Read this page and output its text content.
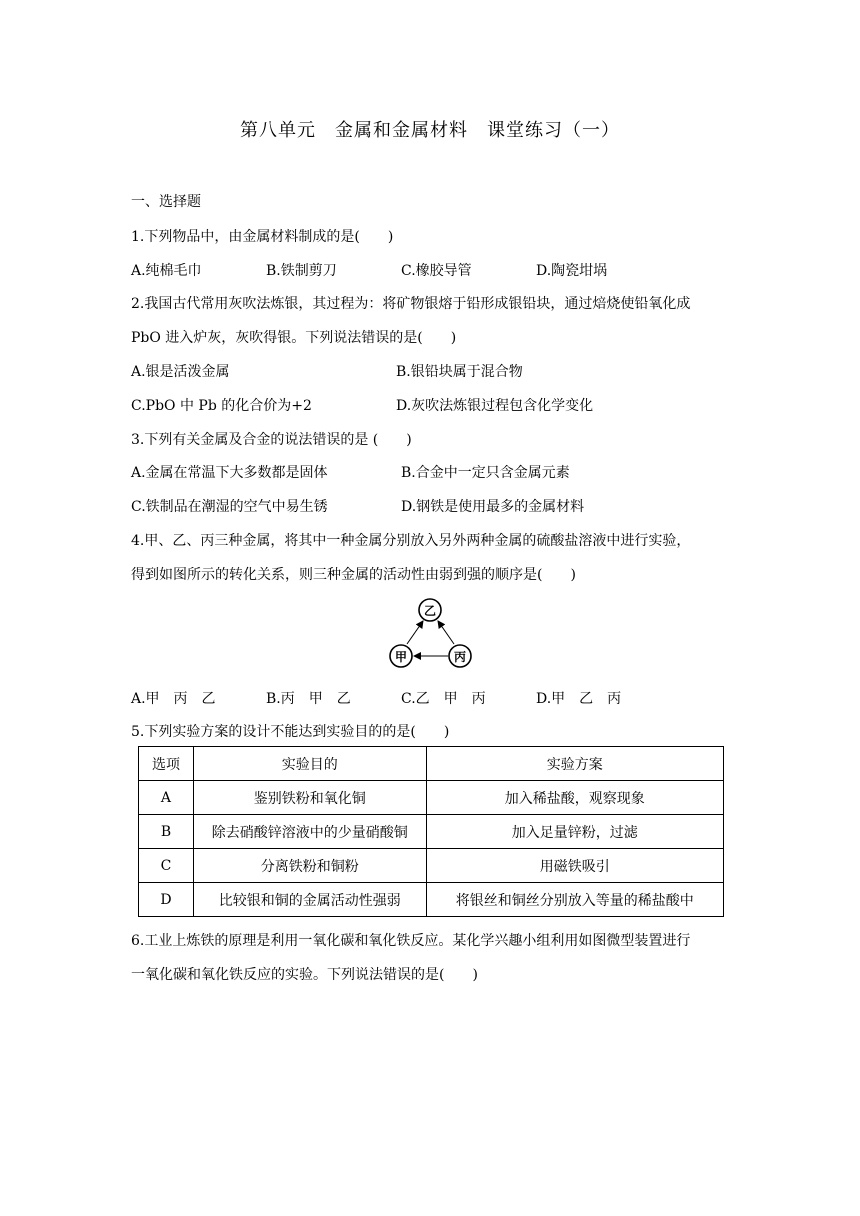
第八单元　金属和金属材料　课堂练习（一）
一、选择题
1.下列物品中，由金属材料制成的是(　　)
A.纯棉毛巾	B.铁制剪刀	C.橡胶导管	D.陶瓷坩埚
2.我国古代常用灰吹法炼银，其过程为：将矿物银熔于铅形成银铅块，通过焙烧使铅氧化成
PbO 进入炉灰，灰吹得银。下列说法错误的是(　　)
A.银是活泼金属	B.银铅块属于混合物
C.PbO 中 Pb 的化合价为+2	D.灰吹法炼银过程包含化学变化
3.下列有关金属及合金的说法错误的是 (　　)
A.金属在常温下大多数都是固体	B.合金中一定只含金属元素
C.铁制品在潮湿的空气中易生锈	D.钢铁是使用最多的金属材料
4.甲、乙、丙三种金属，将其中一种金属分别放入另外两种金属的硫酸盐溶液中进行实验，
得到如图所示的转化关系，则三种金属的活动性由弱到强的顺序是(　　)
乙
甲	丙
A.甲　丙　乙	B.丙　甲　乙	C.乙　甲　丙	D.甲　乙　丙
5.下列实验方案的设计不能达到实验目的的是(　　)
选项	实验目的	实验方案
A	鉴别铁粉和氧化铜	加入稀盐酸，观察现象
B	除去硝酸锌溶液中的少量硝酸铜	加入足量锌粉，过滤
C	分离铁粉和铜粉	用磁铁吸引
D	比较银和铜的金属活动性强弱	将银丝和铜丝分别放入等量的稀盐酸中
6.工业上炼铁的原理是利用一氧化碳和氧化铁反应。某化学兴趣小组利用如图微型装置进行
一氧化碳和氧化铁反应的实验。下列说法错误的是(　　)
